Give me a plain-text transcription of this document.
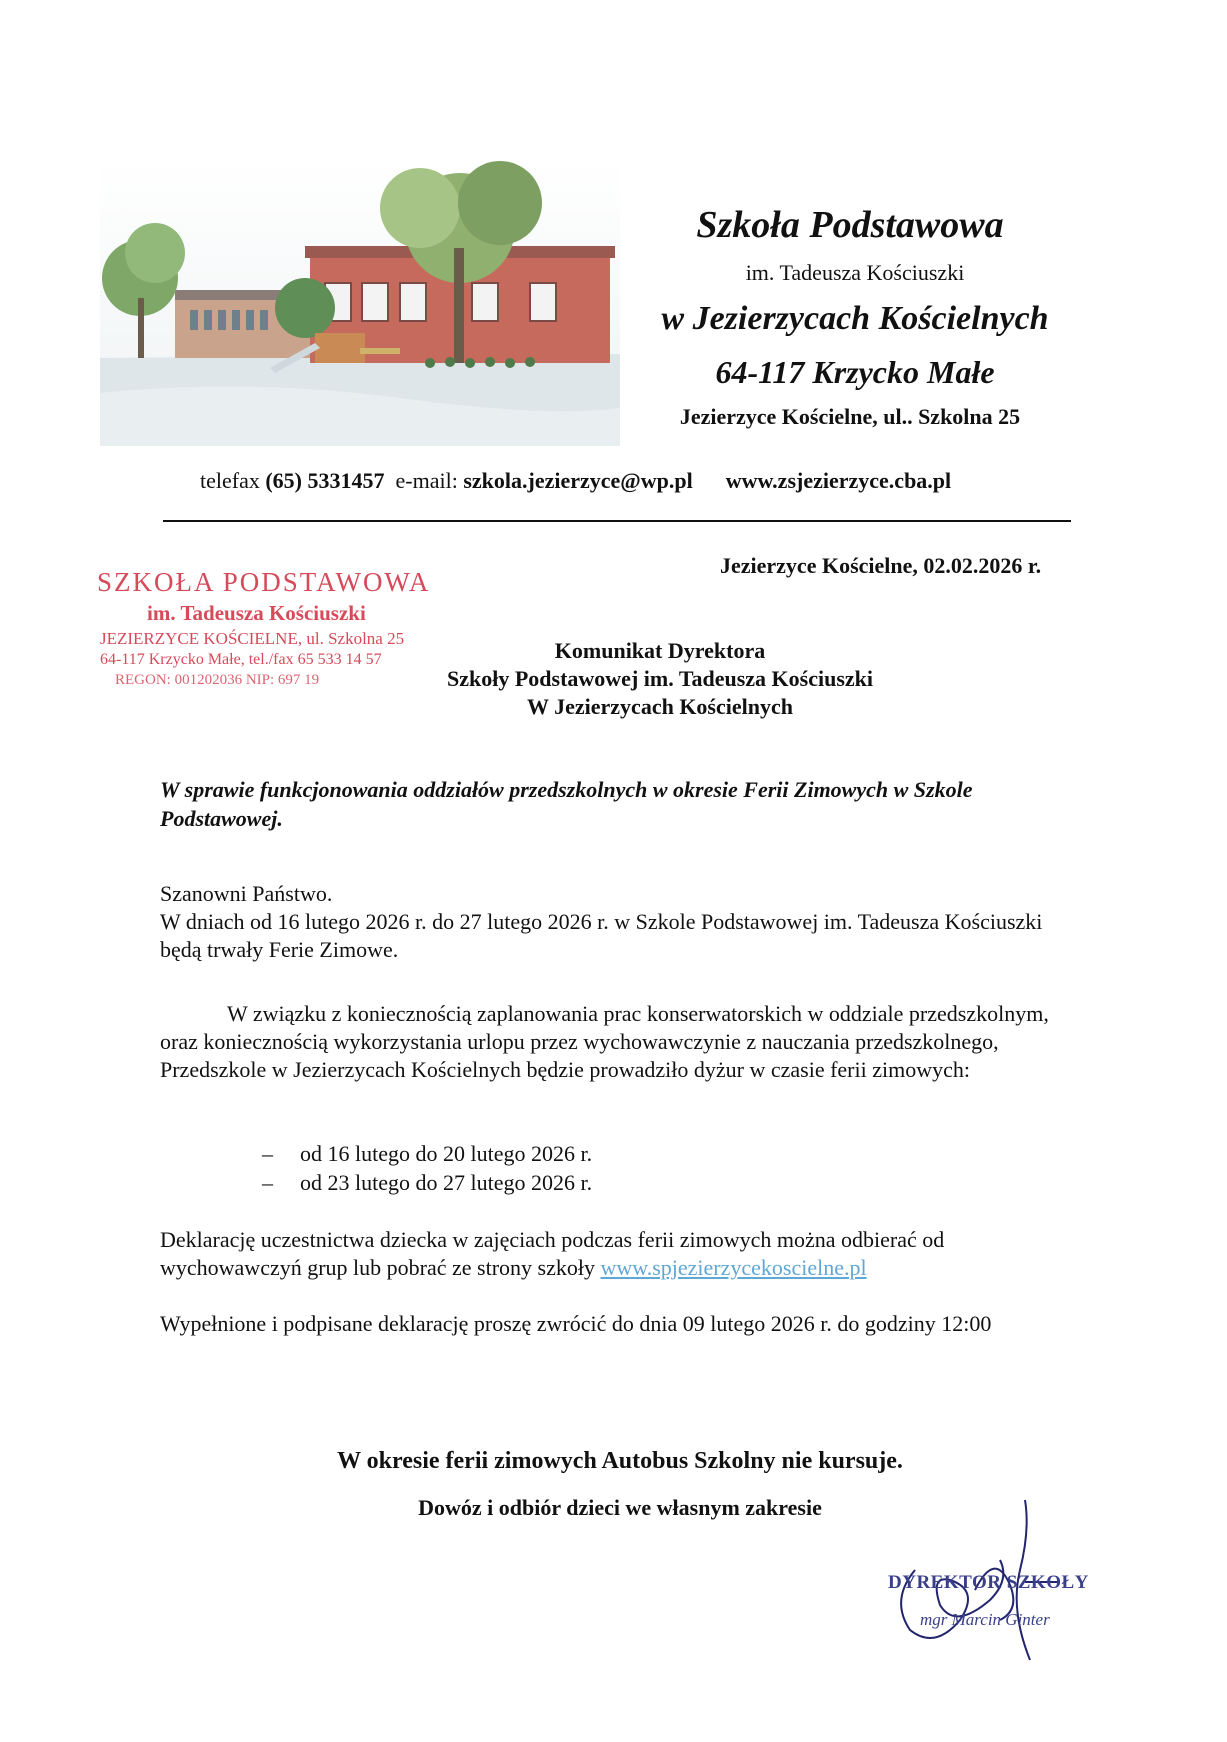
Szkoła Podstawowa
im. Tadeusza Kościuszki
w Jezierzycach Kościelnych
64-117 Krzycko Małe
Jezierzyce Kościelne, ul.. Szkolna 25
telefax (65) 5331457 e-mail: szkola.jezierzyce@wp.pl www.zsjezierzyce.cba.pl
SZKOŁA PODSTAWOWA
im. Tadeusza Kościuszki
JEZIERZYCE KOŚCIELNE, ul. Szkolna 25
64-117 Krzycko Małe, tel./fax 65 533 14 57
REGON: 001202036 NIP: 697 19
Jezierzyce Kościelne, 02.02.2026 r.
Komunikat Dyrektora
Szkoły Podstawowej im. Tadeusza Kościuszki
W Jezierzycach Kościelnych
W sprawie funkcjonowania oddziałów przedszkolnych w okresie Ferii Zimowych w Szkole Podstawowej.
Szanowni Państwo.
W dniach od 16 lutego 2026 r. do 27 lutego 2026 r. w Szkole Podstawowej im. Tadeusza Kościuszki będą trwały Ferie Zimowe.
W związku z koniecznością zaplanowania prac konserwatorskich w oddziale przedszkolnym, oraz koniecznością wykorzystania urlopu przez wychowawczynie z nauczania przedszkolnego, Przedszkole w Jezierzycach Kościelnych będzie prowadziło dyżur w czasie ferii zimowych:
– od 16 lutego do 20 lutego 2026 r.
– od 23 lutego do 27 lutego 2026 r.
Deklarację uczestnictwa dziecka w zajęciach podczas ferii zimowych można odbierać od wychowawczyń grup lub pobrać ze strony szkoły www.spjezierzycekoscielne.pl
Wypełnione i podpisane deklarację proszę zwrócić do dnia 09 lutego 2026 r. do godziny 12:00
W okresie ferii zimowych Autobus Szkolny nie kursuje.
Dowóz i odbiór dzieci we własnym zakresie
DYREKTOR SZKOŁY
mgr Marcin Ginter
